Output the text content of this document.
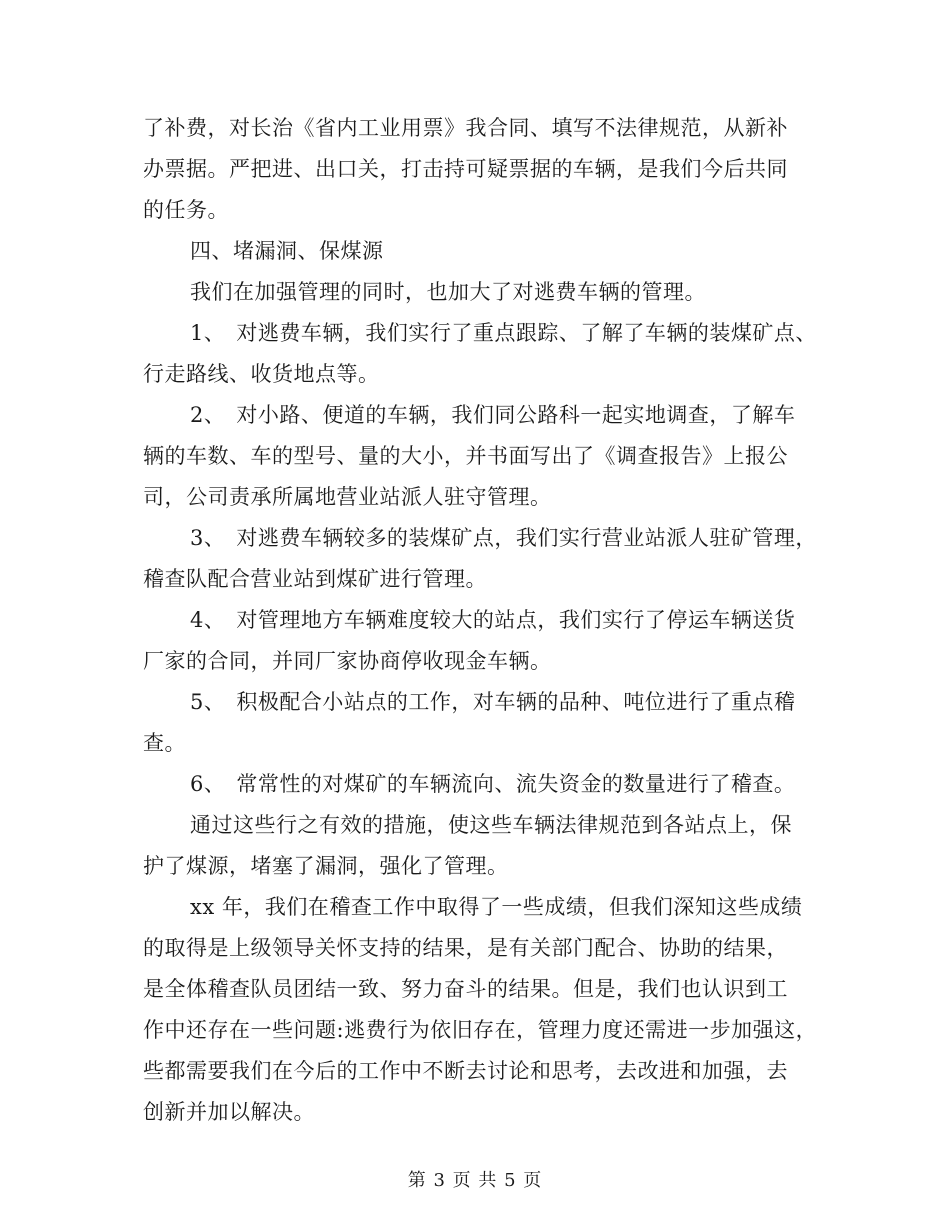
了补费，对长治《省内工业用票》我合同、填写不法律规范，从新补
办票据。严把进、出口关，打击持可疑票据的车辆，是我们今后共同
的任务。
四、堵漏洞、保煤源
我们在加强管理的同时，也加大了对逃费车辆的管理。
1、　对逃费车辆，我们实行了重点跟踪、了解了车辆的装煤矿点、
行走路线、收货地点等。
2、　对小路、便道的车辆，我们同公路科一起实地调查，了解车
辆的车数、车的型号、量的大小，并书面写出了《调查报告》上报公
司，公司责承所属地营业站派人驻守管理。
3、　对逃费车辆较多的装煤矿点，我们实行营业站派人驻矿管理，
稽查队配合营业站到煤矿进行管理。
4、　对管理地方车辆难度较大的站点，我们实行了停运车辆送货
厂家的合同，并同厂家协商停收现金车辆。
5、　积极配合小站点的工作，对车辆的品种、吨位进行了重点稽
查。
6、　常常性的对煤矿的车辆流向、流失资金的数量进行了稽查。
通过这些行之有效的措施，使这些车辆法律规范到各站点上，保
护了煤源，堵塞了漏洞，强化了管理。
xx 年，我们在稽查工作中取得了一些成绩，但我们深知这些成绩
的取得是上级领导关怀支持的结果，是有关部门配合、协助的结果，
是全体稽查队员团结一致、努力奋斗的结果。但是，我们也认识到工
作中还存在一些问题:逃费行为依旧存在，管理力度还需进一步加强这，
些都需要我们在今后的工作中不断去讨论和思考，去改进和加强，去
创新并加以解决。
第 3 页 共 5 页
